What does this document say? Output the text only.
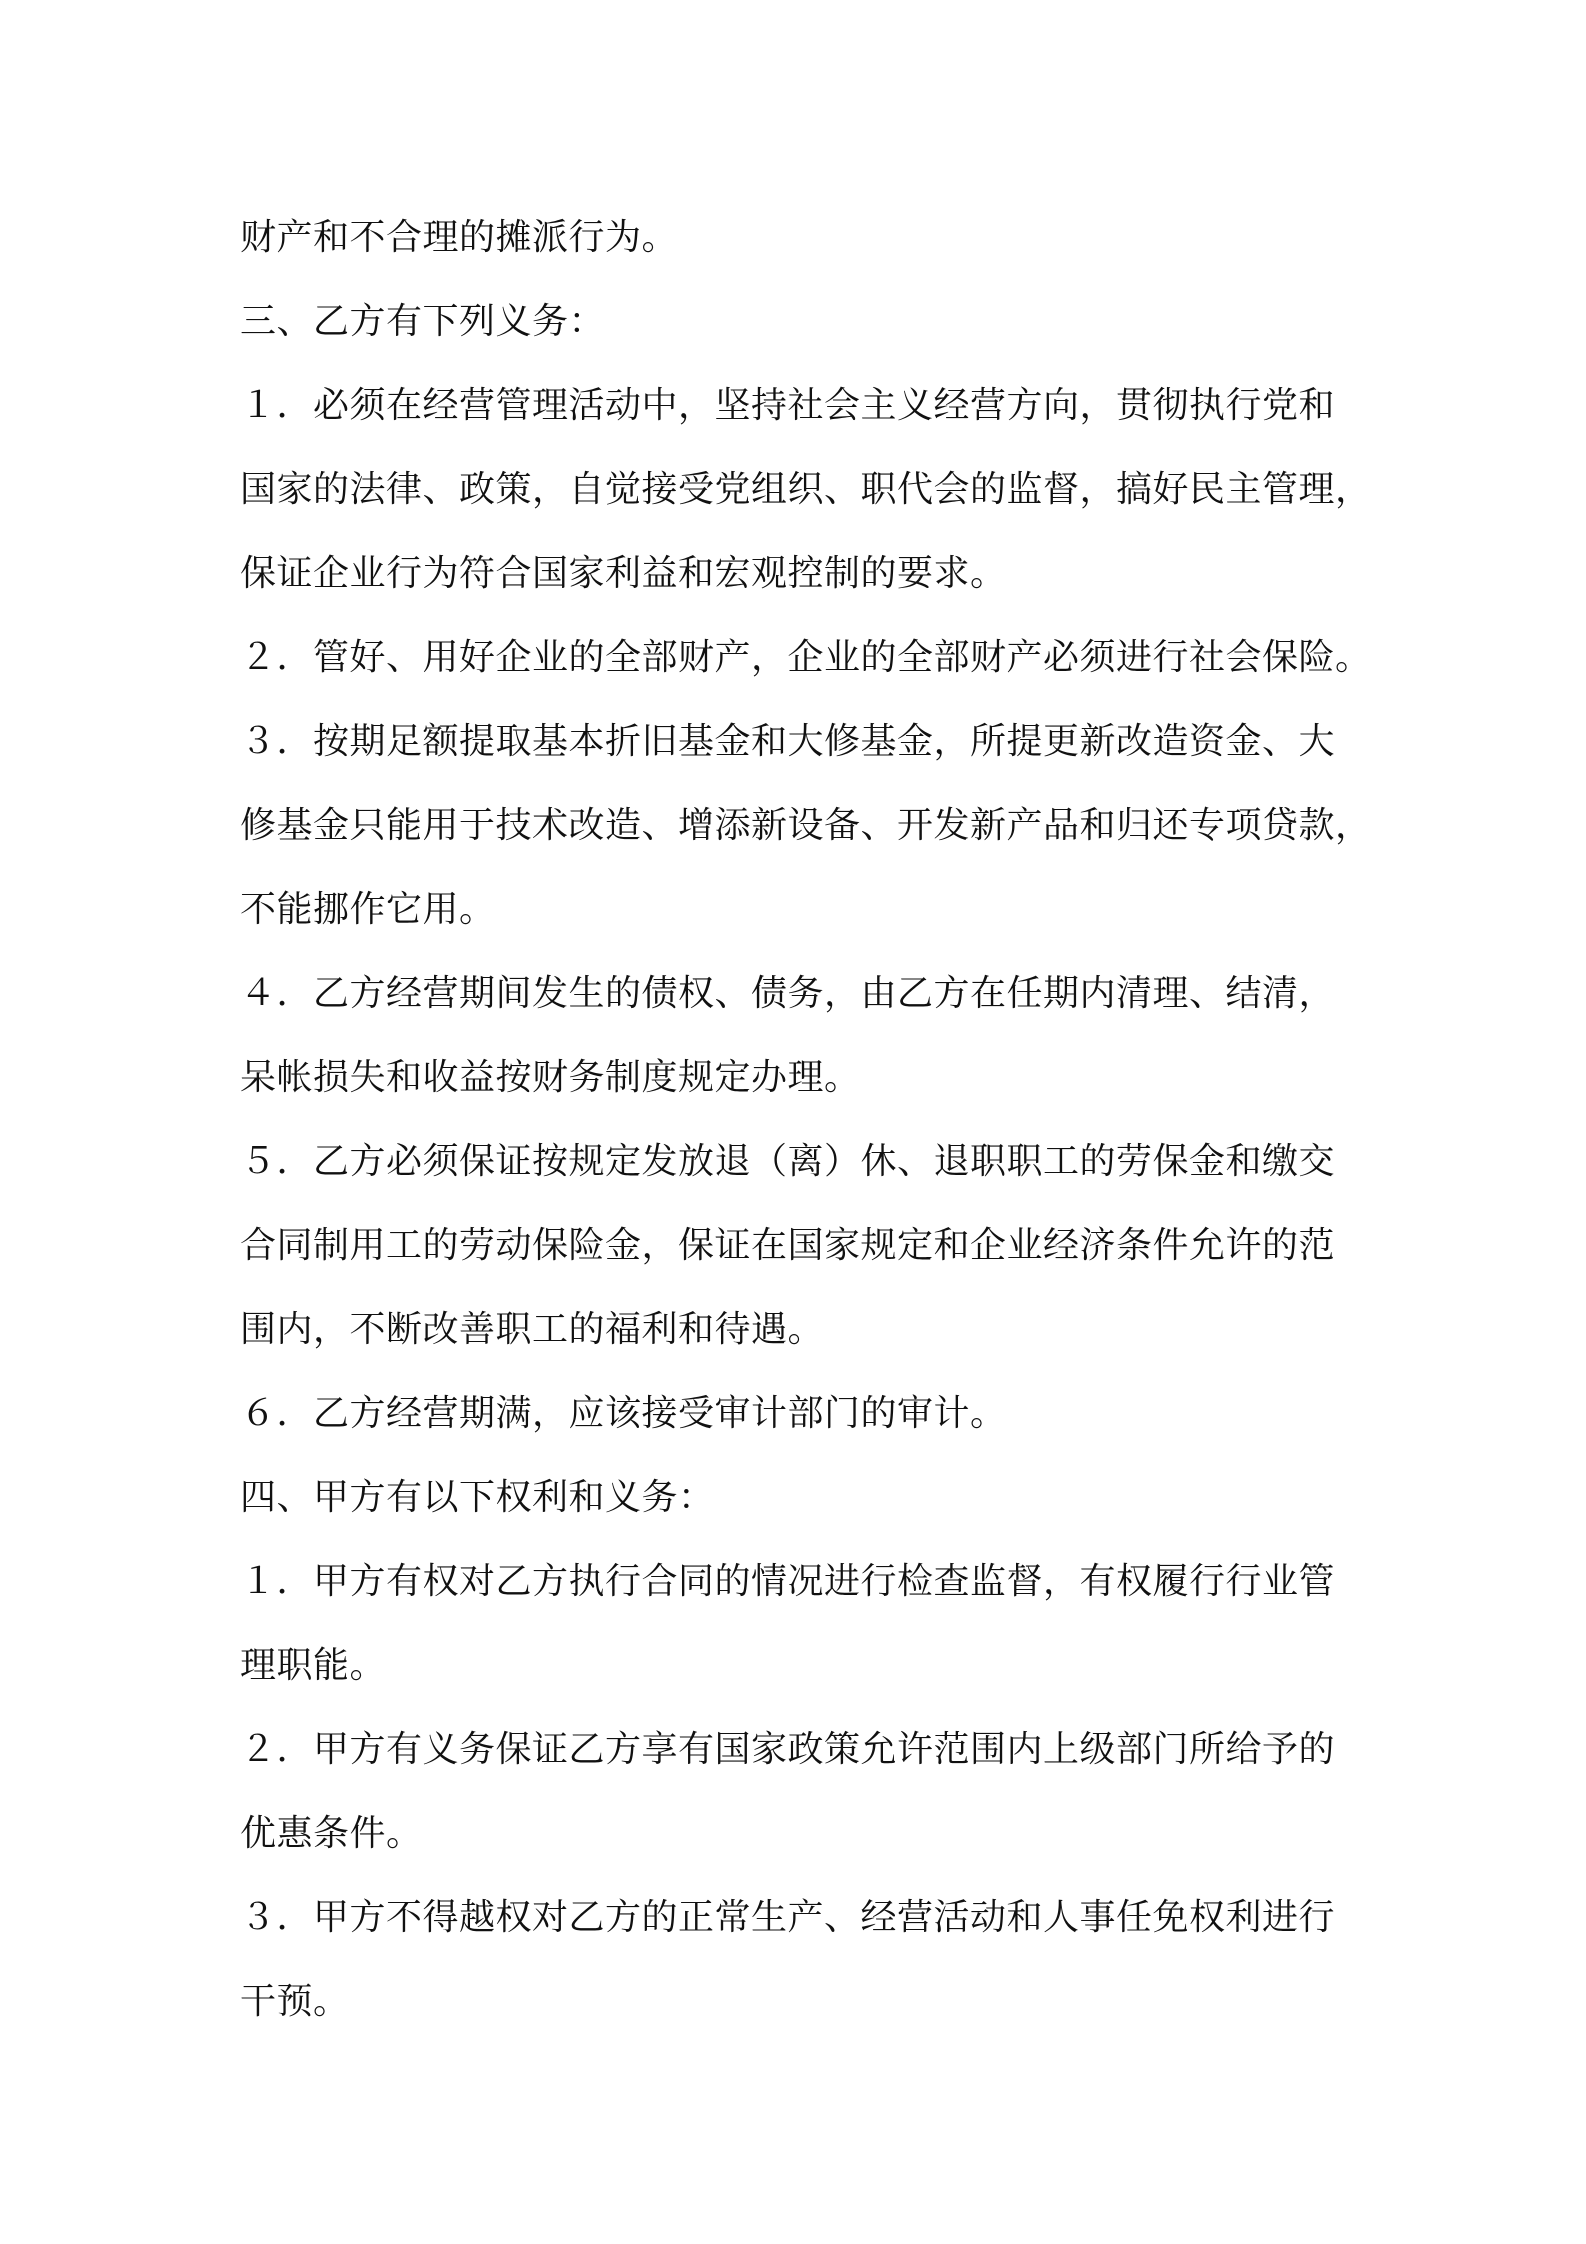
财产和不合理的摊派行为。
三、乙方有下列义务：
１．必须在经营管理活动中，坚持社会主义经营方向，贯彻执行党和
国家的法律、政策，自觉接受党组织、职代会的监督，搞好民主管理，
保证企业行为符合国家利益和宏观控制的要求。
２．管好、用好企业的全部财产，企业的全部财产必须进行社会保险。
３．按期足额提取基本折旧基金和大修基金，所提更新改造资金、大
修基金只能用于技术改造、增添新设备、开发新产品和归还专项贷款，
不能挪作它用。
４．乙方经营期间发生的债权、债务，由乙方在任期内清理、结清，
呆帐损失和收益按财务制度规定办理。
５．乙方必须保证按规定发放退（离）休、退职职工的劳保金和缴交
合同制用工的劳动保险金，保证在国家规定和企业经济条件允许的范
围内，不断改善职工的福利和待遇。
６．乙方经营期满，应该接受审计部门的审计。
四、甲方有以下权利和义务：
１．甲方有权对乙方执行合同的情况进行检查监督，有权履行行业管
理职能。
２．甲方有义务保证乙方享有国家政策允许范围内上级部门所给予的
优惠条件。
３．甲方不得越权对乙方的正常生产、经营活动和人事任免权利进行
干预。
